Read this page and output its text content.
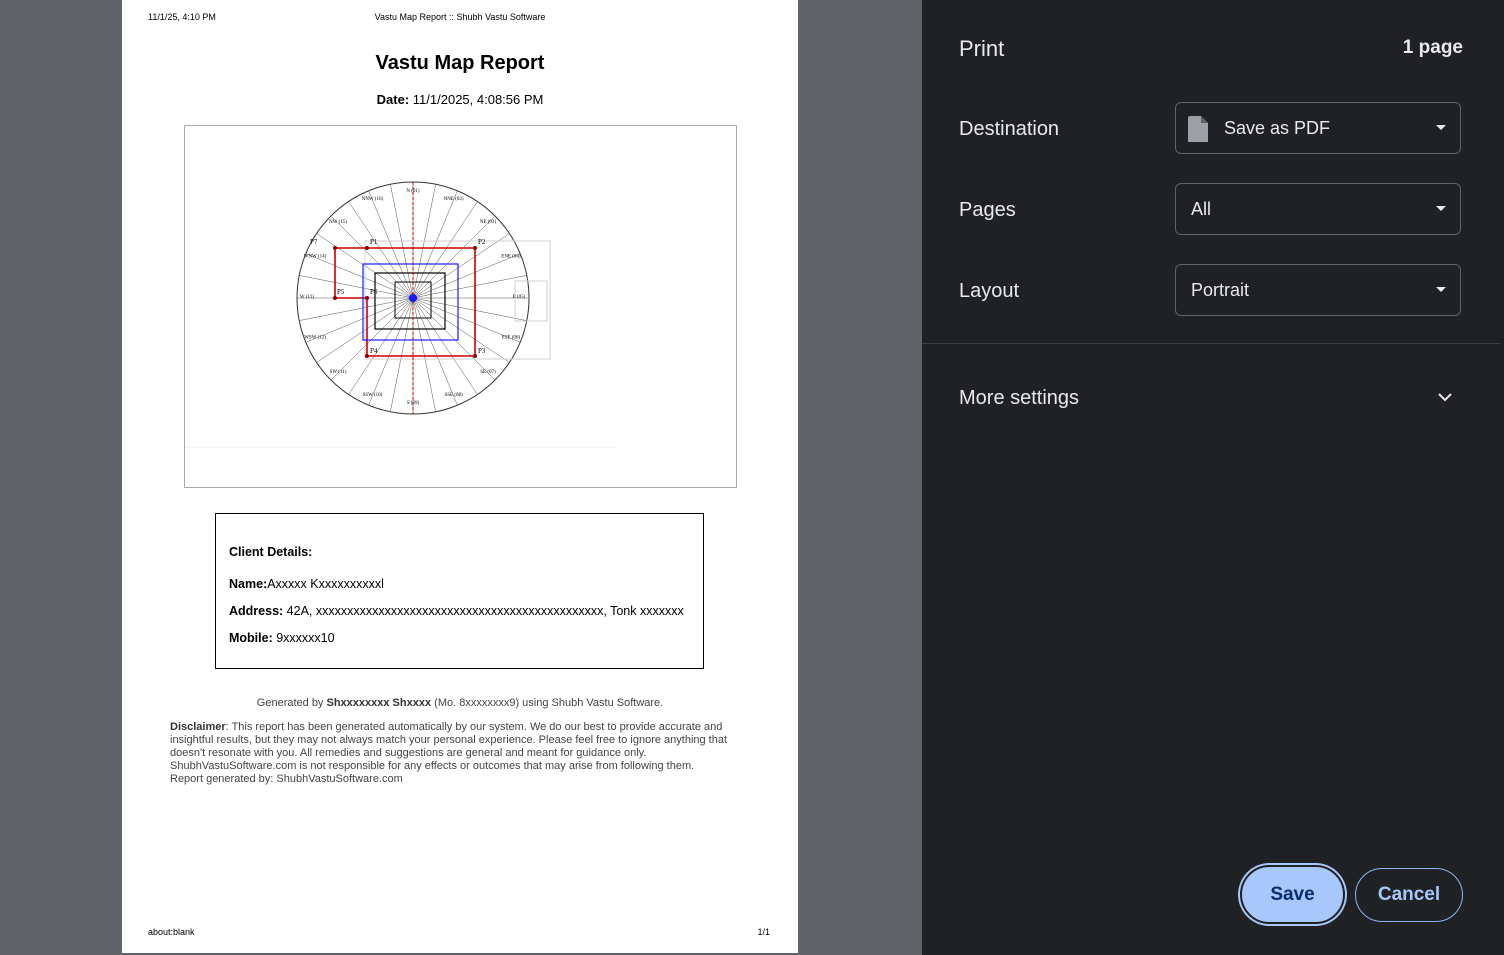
11/1/25, 4:10 PM	Vastu Map Report :: Shubh Vastu Software
Vastu Map Report
Date: 11/1/2025, 4:08:56 PM
P7	P1	P2
P3
P4
P5	P6
N (01)
NNE (02)
NE (03)
ENE (04)
E (05)
ESE (06)
SE (07)
SSE (08)
S (09)
SSW (10)
SW (11)
WSW (12)
W (13)
WNW (14)
NW (15)
NNW (16)
Client Details:
Name:Axxxxx Kxxxxxxxxxxl
Address: 42A, xxxxxxxxxxxxxxxxxxxxxxxxxxxxxxxxxxxxxxxxxxxxxx, Tonk xxxxxxx
Mobile: 9xxxxxx10
Generated by Shxxxxxxxx Shxxxx (Mo. 8xxxxxxxx9) using Shubh Vastu Software.
Disclaimer: This report has been generated automatically by our system. We do our best to provide accurate and insightful results, but they may not always match your personal experience. Please feel free to ignore anything that doesn't resonate with you. All remedies and suggestions are general and meant for guidance only. ShubhVastuSoftware.com is not responsible for any effects or outcomes that may arise from following them.
Report generated by: ShubhVastuSoftware.com
about:blank	1/1
Print	1 page
Destination	Save as PDF
Pages	All
Layout	Portrait
More settings
Save	Cancel
